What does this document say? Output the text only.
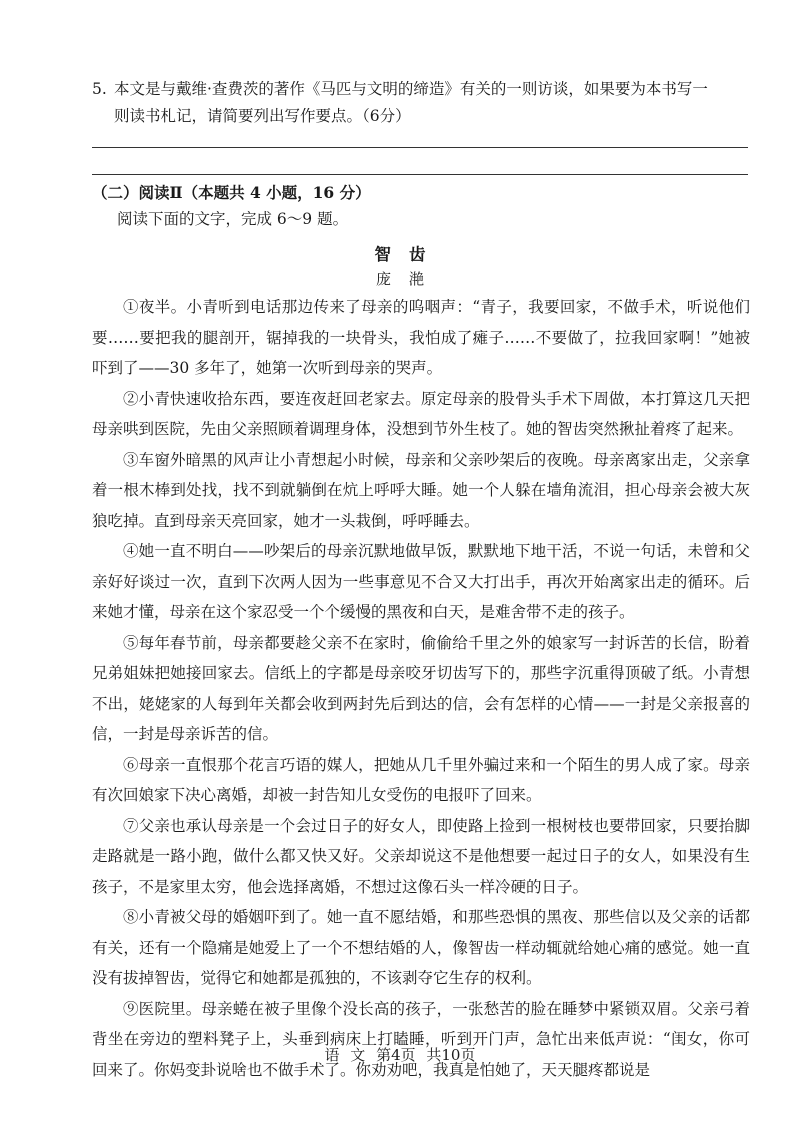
5. 本文是与戴维·查费茨的著作《马匹与文明的缔造》有关的一则访谈，如果要为本书写一
则读书札记，请简要列出写作要点。（6分）
（二）阅读Ⅱ（本题共 4 小题，16 分）
阅读下面的文字，完成 6～9 题。
智齿
庞滟

①夜半。小青听到电话那边传来了母亲的呜咽声：“青子，我要回家，不做手术，听说他们要……要把我的腿剖开，锯掉我的一块骨头，我怕成了瘫子……不要做了，拉我回家啊！”她被吓到了——30 多年了，她第一次听到母亲的哭声。

②小青快速收拾东西，要连夜赶回老家去。原定母亲的股骨头手术下周做，本打算这几天把母亲哄到医院，先由父亲照顾着调理身体，没想到节外生枝了。她的智齿突然揪扯着疼了起来。

③车窗外暗黑的风声让小青想起小时候，母亲和父亲吵架后的夜晚。母亲离家出走，父亲拿着一根木棒到处找，找不到就躺倒在炕上呼呼大睡。她一个人躲在墙角流泪，担心母亲会被大灰狼吃掉。直到母亲天亮回家，她才一头栽倒，呼呼睡去。

④她一直不明白——吵架后的母亲沉默地做早饭，默默地下地干活，不说一句话，未曾和父亲好好谈过一次，直到下次两人因为一些事意见不合又大打出手，再次开始离家出走的循环。后来她才懂，母亲在这个家忍受一个个缓慢的黑夜和白天，是难舍带不走的孩子。

⑤每年春节前，母亲都要趁父亲不在家时，偷偷给千里之外的娘家写一封诉苦的长信，盼着兄弟姐妹把她接回家去。信纸上的字都是母亲咬牙切齿写下的，那些字沉重得顶破了纸。小青想不出，姥姥家的人每到年关都会收到两封先后到达的信，会有怎样的心情——一封是父亲报喜的信，一封是母亲诉苦的信。

⑥母亲一直恨那个花言巧语的媒人，把她从几千里外骗过来和一个陌生的男人成了家。母亲有次回娘家下决心离婚，却被一封告知儿女受伤的电报吓了回来。

⑦父亲也承认母亲是一个会过日子的好女人，即使路上捡到一根树枝也要带回家，只要抬脚走路就是一路小跑，做什么都又快又好。父亲却说这不是他想要一起过日子的女人，如果没有生孩子，不是家里太穷，他会选择离婚，不想过这像石头一样冷硬的日子。

⑧小青被父母的婚姻吓到了。她一直不愿结婚，和那些恐惧的黑夜、那些信以及父亲的话都有关，还有一个隐痛是她爱上了一个不想结婚的人，像智齿一样动辄就给她心痛的感觉。她一直没有拔掉智齿，觉得它和她都是孤独的，不该剥夺它生存的权利。

⑨医院里。母亲蜷在被子里像个没长高的孩子，一张愁苦的脸在睡梦中紧锁双眉。父亲弓着背坐在旁边的塑料凳子上，头垂到病床上打瞌睡，听到开门声，急忙出来低声说：“闺女，你可回来了。你妈变卦说啥也不做手术了。你劝劝吧，我真是怕她了，天天腿疼都说是

语 文 第4页 共10页
